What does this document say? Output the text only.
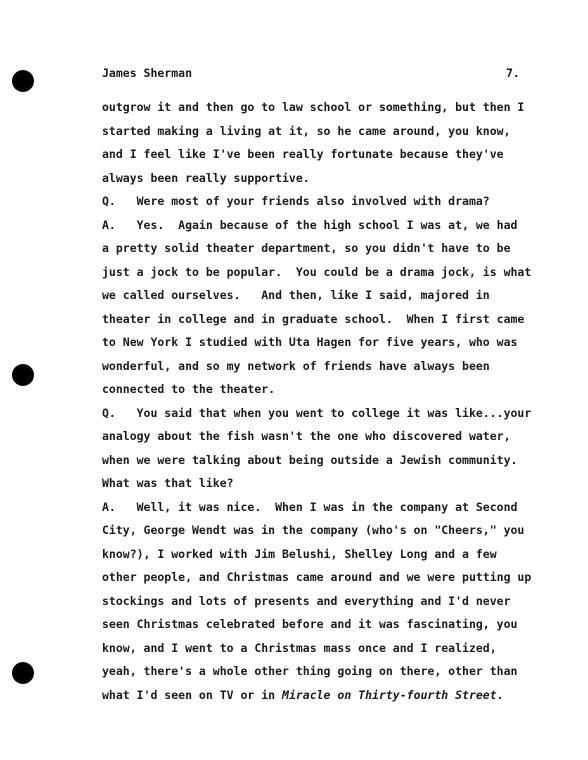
James Sherman	7.
outgrow it and then go to law school or something, but then I
started making a living at it, so he came around, you know,
and I feel like I've been really fortunate because they've
always been really supportive.
Q.   Were most of your friends also involved with drama?
A.   Yes.  Again because of the high school I was at, we had
a pretty solid theater department, so you didn't have to be
just a jock to be popular.  You could be a drama jock, is what
we called ourselves.   And then, like I said, majored in
theater in college and in graduate school.  When I first came
to New York I studied with Uta Hagen for five years, who was
wonderful, and so my network of friends have always been
connected to the theater.
Q.   You said that when you went to college it was like...your
analogy about the fish wasn't the one who discovered water,
when we were talking about being outside a Jewish community.
What was that like?
A.   Well, it was nice.  When I was in the company at Second
City, George Wendt was in the company (who's on "Cheers," you
know?), I worked with Jim Belushi, Shelley Long and a few
other people, and Christmas came around and we were putting up
stockings and lots of presents and everything and I'd never
seen Christmas celebrated before and it was fascinating, you
know, and I went to a Christmas mass once and I realized,
yeah, there's a whole other thing going on there, other than
what I'd seen on TV or in Miracle on Thirty-fourth Street.
